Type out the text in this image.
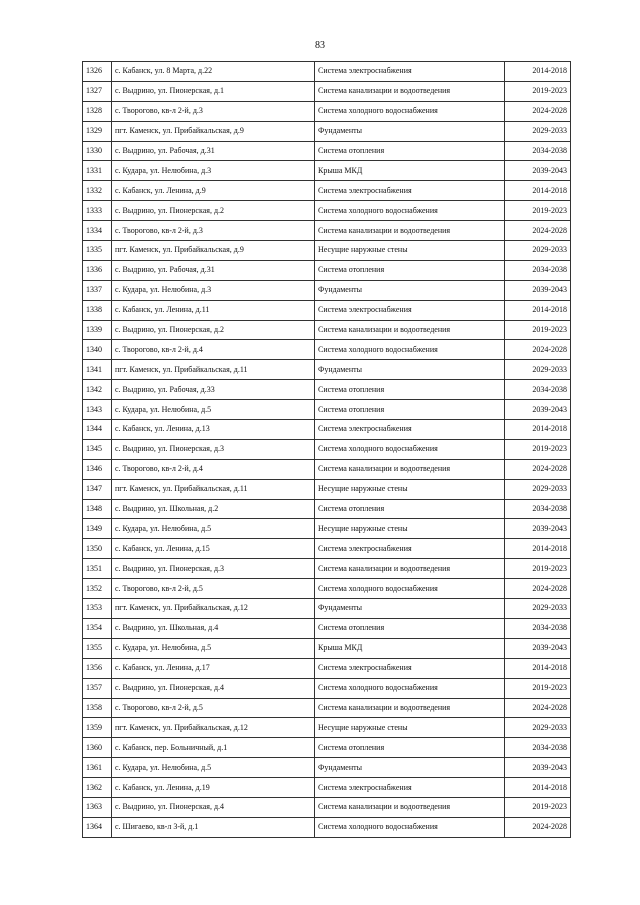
83
1326	с. Кабанск, ул. 8 Марта, д.22	Система электроснабжения	2014-2018
1327	с. Выдрино, ул. Пионерская, д.1	Система канализации и водоотведения	2019-2023
1328	с. Творогово, кв-л 2-й, д.3	Система холодного водоснабжения	2024-2028
1329	пгт. Каменск, ул. Прибайкальская, д.9	Фундаменты	2029-2033
1330	с. Выдрино, ул. Рабочая, д.31	Система отопления	2034-2038
1331	с. Кудара, ул. Нелюбина, д.3	Крыша МКД	2039-2043
1332	с. Кабанск, ул. Ленина, д.9	Система электроснабжения	2014-2018
1333	с. Выдрино, ул. Пионерская, д.2	Система холодного водоснабжения	2019-2023
1334	с. Творогово, кв-л 2-й, д.3	Система канализации и водоотведения	2024-2028
1335	пгт. Каменск, ул. Прибайкальская, д.9	Несущие наружные стены	2029-2033
1336	с. Выдрино, ул. Рабочая, д.31	Система отопления	2034-2038
1337	с. Кудара, ул. Нелюбина, д.3	Фундаменты	2039-2043
1338	с. Кабанск, ул. Ленина, д.11	Система электроснабжения	2014-2018
1339	с. Выдрино, ул. Пионерская, д.2	Система канализации и водоотведения	2019-2023
1340	с. Творогово, кв-л 2-й, д.4	Система холодного водоснабжения	2024-2028
1341	пгт. Каменск, ул. Прибайкальская, д.11	Фундаменты	2029-2033
1342	с. Выдрино, ул. Рабочая, д.33	Система отопления	2034-2038
1343	с. Кудара, ул. Нелюбина, д.5	Система отопления	2039-2043
1344	с. Кабанск, ул. Ленина, д.13	Система электроснабжения	2014-2018
1345	с. Выдрино, ул. Пионерская, д.3	Система холодного водоснабжения	2019-2023
1346	с. Творогово, кв-л 2-й, д.4	Система канализации и водоотведения	2024-2028
1347	пгт. Каменск, ул. Прибайкальская, д.11	Несущие наружные стены	2029-2033
1348	с. Выдрино, ул. Школьная, д.2	Система отопления	2034-2038
1349	с. Кудара, ул. Нелюбина, д.5	Несущие наружные стены	2039-2043
1350	с. Кабанск, ул. Ленина, д.15	Система электроснабжения	2014-2018
1351	с. Выдрино, ул. Пионерская, д.3	Система канализации и водоотведения	2019-2023
1352	с. Творогово, кв-л 2-й, д.5	Система холодного водоснабжения	2024-2028
1353	пгт. Каменск, ул. Прибайкальская, д.12	Фундаменты	2029-2033
1354	с. Выдрино, ул. Школьная, д.4	Система отопления	2034-2038
1355	с. Кудара, ул. Нелюбина, д.5	Крыша МКД	2039-2043
1356	с. Кабанск, ул. Ленина, д.17	Система электроснабжения	2014-2018
1357	с. Выдрино, ул. Пионерская, д.4	Система холодного водоснабжения	2019-2023
1358	с. Творогово, кв-л 2-й, д.5	Система канализации и водоотведения	2024-2028
1359	пгт. Каменск, ул. Прибайкальская, д.12	Несущие наружные стены	2029-2033
1360	с. Кабанск, пер. Больничный, д.1	Система отопления	2034-2038
1361	с. Кудара, ул. Нелюбина, д.5	Фундаменты	2039-2043
1362	с. Кабанск, ул. Ленина, д.19	Система электроснабжения	2014-2018
1363	с. Выдрино, ул. Пионерская, д.4	Система канализации и водоотведения	2019-2023
1364	с. Шигаево, кв-л 3-й, д.1	Система холодного водоснабжения	2024-2028
